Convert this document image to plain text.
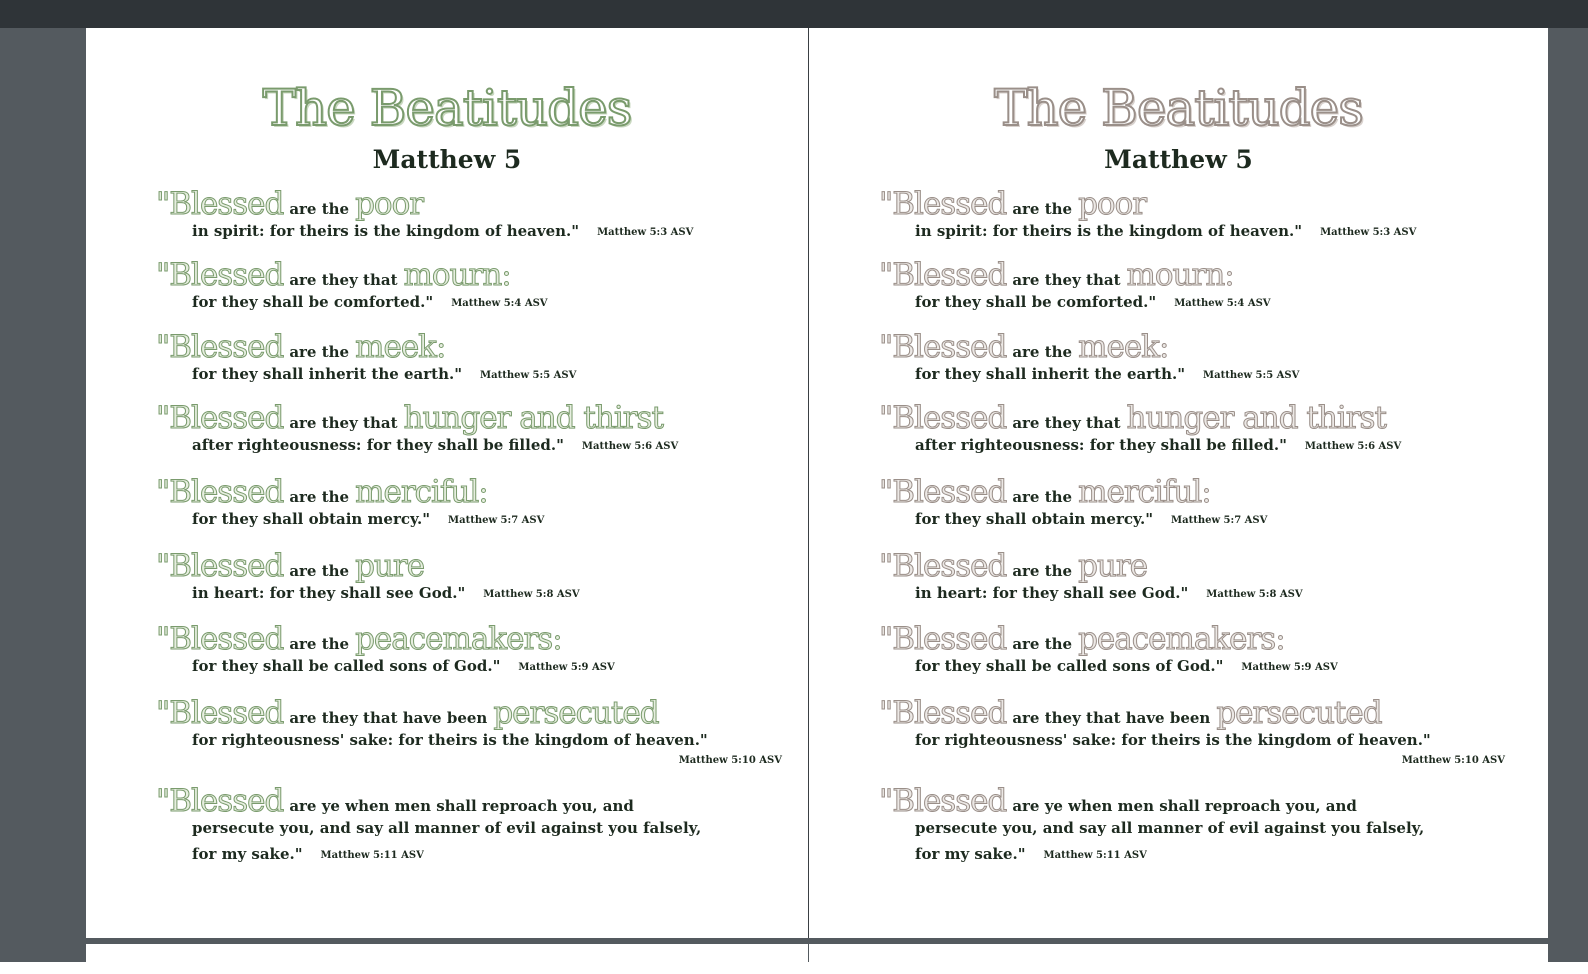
The Beatitudes
Matthew 5
"Blessed are the poor
in spirit: for theirs is the kingdom of heaven." Matthew 5:3 ASV
"Blessed are they that mourn:
for they shall be comforted." Matthew 5:4 ASV
"Blessed are the meek:
for they shall inherit the earth." Matthew 5:5 ASV
"Blessed are they that hunger and thirst
after righteousness: for they shall be filled." Matthew 5:6 ASV
"Blessed are the merciful:
for they shall obtain mercy." Matthew 5:7 ASV
"Blessed are the pure
in heart: for they shall see God." Matthew 5:8 ASV
"Blessed are the peacemakers:
for they shall be called sons of God." Matthew 5:9 ASV
"Blessed are they that have been persecuted
for righteousness' sake: for theirs is the kingdom of heaven."
Matthew 5:10 ASV
"Blessed are ye when men shall reproach you, and
persecute you, and say all manner of evil against you falsely,
for my sake." Matthew 5:11 ASV
The Beatitudes
Matthew 5
"Blessed are the poor
in spirit: for theirs is the kingdom of heaven." Matthew 5:3 ASV
"Blessed are they that mourn:
for they shall be comforted." Matthew 5:4 ASV
"Blessed are the meek:
for they shall inherit the earth." Matthew 5:5 ASV
"Blessed are they that hunger and thirst
after righteousness: for they shall be filled." Matthew 5:6 ASV
"Blessed are the merciful:
for they shall obtain mercy." Matthew 5:7 ASV
"Blessed are the pure
in heart: for they shall see God." Matthew 5:8 ASV
"Blessed are the peacemakers:
for they shall be called sons of God." Matthew 5:9 ASV
"Blessed are they that have been persecuted
for righteousness' sake: for theirs is the kingdom of heaven."
Matthew 5:10 ASV
"Blessed are ye when men shall reproach you, and
persecute you, and say all manner of evil against you falsely,
for my sake." Matthew 5:11 ASV
